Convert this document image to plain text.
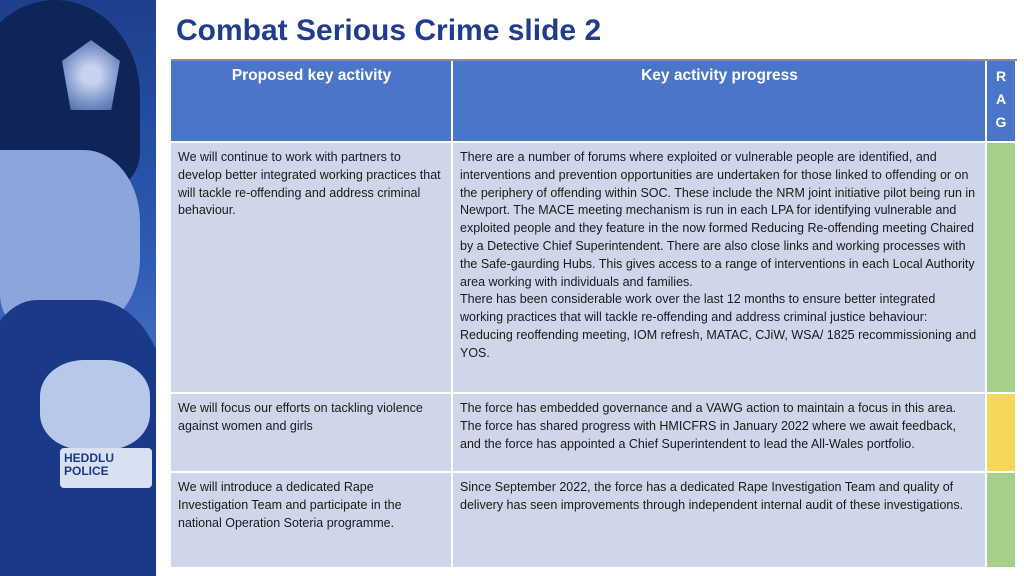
HEDDLU POLICE
Combat Serious Crime slide 2
Proposed key activity	Key activity progress	R
A
G

We will continue to work with partners to develop better integrated working practices that will tackle re-offending and address criminal behaviour.

There are a number of forums where exploited or vulnerable people are identified, and interventions and prevention opportunities are undertaken for those linked to offending or on the periphery of offending within SOC. These include the NRM joint initiative pilot being run in Newport. The MACE meeting mechanism is run in each LPA for identifying vulnerable and exploited people and they feature in the now formed Reducing Re-offending meeting Chaired by a Detective Chief Superintendent. There are also close links and working processes with the Safe-gaurding Hubs. This gives access to a range of interventions in each Local Authority area working with individuals and families.

There has been considerable work over the last 12 months to ensure better integrated working practices that will tackle re-offending and address criminal justice behaviour: Reducing reoffending meeting, IOM refresh, MATAC, CJiW, WSA/ 1825 recommissioning and YOS.

We will focus our efforts on tackling violence against women and girls

The force has embedded governance and a VAWG action to maintain a focus in this area. The force has shared progress with HMICFRS in January 2022 where we await feedback, and the force has appointed a Chief Superintendent to lead the All-Wales portfolio.

We will introduce a dedicated Rape Investigation Team and participate in the national Operation Soteria programme.

Since September 2022, the force has a dedicated Rape Investigation Team and quality of delivery has seen improvements through independent internal audit of these investigations.
